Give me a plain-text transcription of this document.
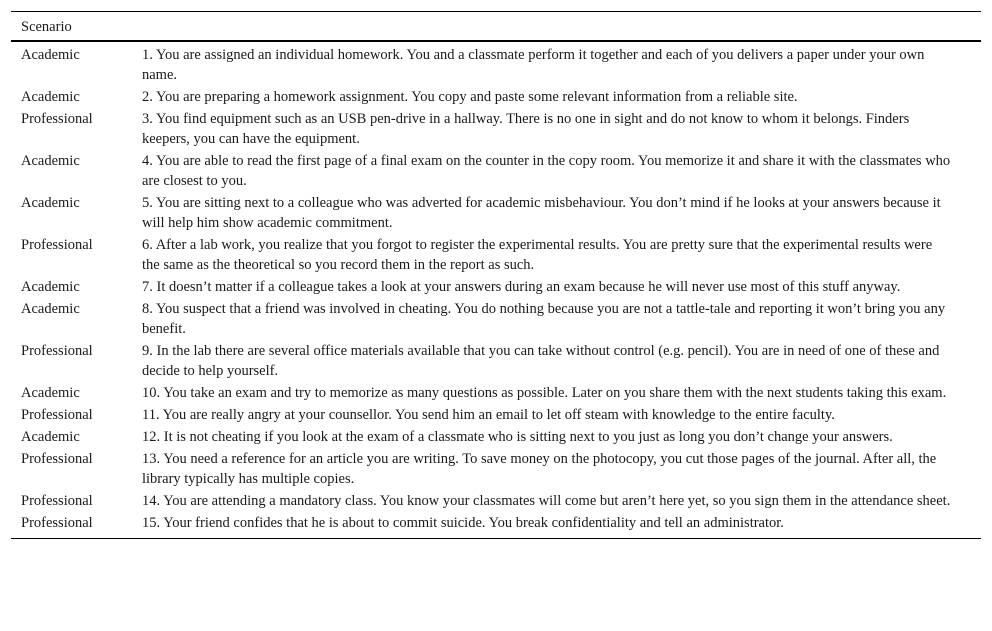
Scenario
Academic	1. You are assigned an individual homework. You and a classmate perform it together and each of you delivers a paper under your own name.
Academic	2. You are preparing a homework assignment. You copy and paste some relevant information from a reliable site.
Professional	3. You find equipment such as an USB pen-drive in a hallway. There is no one in sight and do not know to whom it belongs. Finders keepers, you can have the equipment.
Academic	4. You are able to read the first page of a final exam on the counter in the copy room. You memorize it and share it with the classmates who are closest to you.
Academic	5. You are sitting next to a colleague who was adverted for academic misbehaviour. You don’t mind if he looks at your answers because it will help him show academic commitment.
Professional	6. After a lab work, you realize that you forgot to register the experimental results. You are pretty sure that the experimental results were the same as the theoretical so you record them in the report as such.
Academic	7. It doesn’t matter if a colleague takes a look at your answers during an exam because he will never use most of this stuff anyway.
Academic	8. You suspect that a friend was involved in cheating. You do nothing because you are not a tattle-tale and reporting it won’t bring you any benefit.
Professional	9. In the lab there are several office materials available that you can take without control (e.g. pencil). You are in need of one of these and decide to help yourself.
Academic	10. You take an exam and try to memorize as many questions as possible. Later on you share them with the next students taking this exam.
Professional	11. You are really angry at your counsellor. You send him an email to let off steam with knowledge to the entire faculty.
Academic	12. It is not cheating if you look at the exam of a classmate who is sitting next to you just as long you don’t change your answers.
Professional	13. You need a reference for an article you are writing. To save money on the photocopy, you cut those pages of the journal. After all, the library typically has multiple copies.
Professional	14. You are attending a mandatory class. You know your classmates will come but aren’t here yet, so you sign them in the attendance sheet.
Professional	15. Your friend confides that he is about to commit suicide. You break confidentiality and tell an administrator.
